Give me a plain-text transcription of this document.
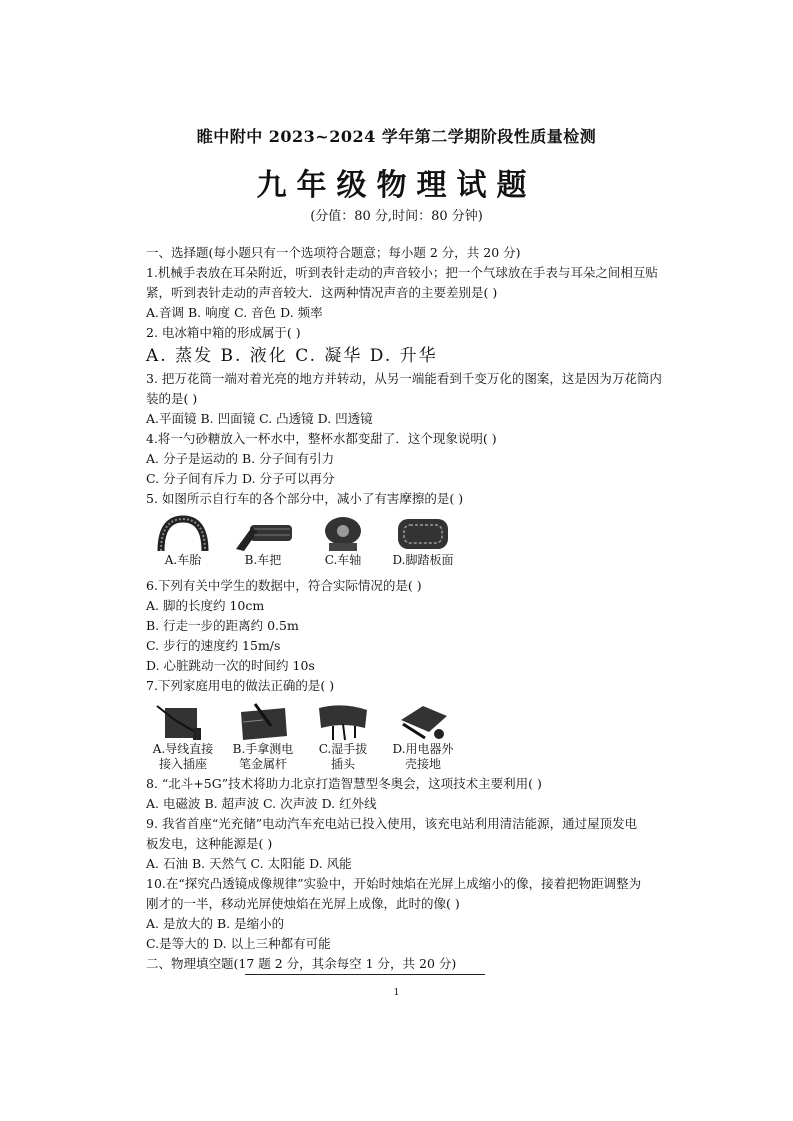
睢中附中 2023~2024 学年第二学期阶段性质量检测
九年级物理试题
(分值：80 分,时间：80 分钟)
一、选择题(每小题只有一个选项符合题意；每小题 2 分，共 20 分)
1.机械手表放在耳朵附近，听到表针走动的声音较小；把一个气球放在手表与耳朵之间相互贴
紧，听到表针走动的声音较大．这两种情况声音的主要差别是( )
A.音调 B. 响度 C. 音色 D. 频率
2. 电冰箱中箱的形成属于( )
A. 蒸发 B. 液化 C. 凝华 D. 升华
3. 把万花筒一端对着光亮的地方并转动，从另一端能看到千变万化的图案，这是因为万花筒内
装的是( )
A.平面镜 B. 凹面镜 C. 凸透镜 D. 凹透镜
4.将一勺砂糖放入一杯水中，整杯水都变甜了．这个现象说明( )
A. 分子是运动的 B. 分子间有引力
C. 分子间有斥力 D. 分子可以再分
5. 如图所示自行车的各个部分中，减小了有害摩擦的是( )
A.车胎	B.车把	C.车轴	D.脚踏板面
6.下列有关中学生的数据中，符合实际情况的是( )
A. 脚的长度约 10cm
B. 行走一步的距离约 0.5m
C. 步行的速度约 15m/s
D. 心脏跳动一次的时间约 10s
7.下列家庭用电的做法正确的是( )
A.导线直接
接入插座
B.手拿测电
笔金属杆
C.湿手拔
插头
D.用电器外
壳接地
8. “北斗+5G”技术将助力北京打造智慧型冬奥会，这项技术主要利用( )
A. 电磁波 B. 超声波 C. 次声波 D. 红外线
9. 我省首座“光充储”电动汽车充电站已投入使用，该充电站利用清洁能源，通过屋顶发电
板发电，这种能源是( )
A. 石油 B. 天然气 C. 太阳能 D. 风能
10.在“探究凸透镜成像规律”实验中，开始时烛焰在光屏上成缩小的像，接着把物距调整为
刚才的一半，移动光屏使烛焰在光屏上成像，此时的像( )
A. 是放大的 B. 是缩小的
C.是等大的 D. 以上三种都有可能
二、物理填空题(17 题 2 分，其余每空 1 分，共 20 分)
1
